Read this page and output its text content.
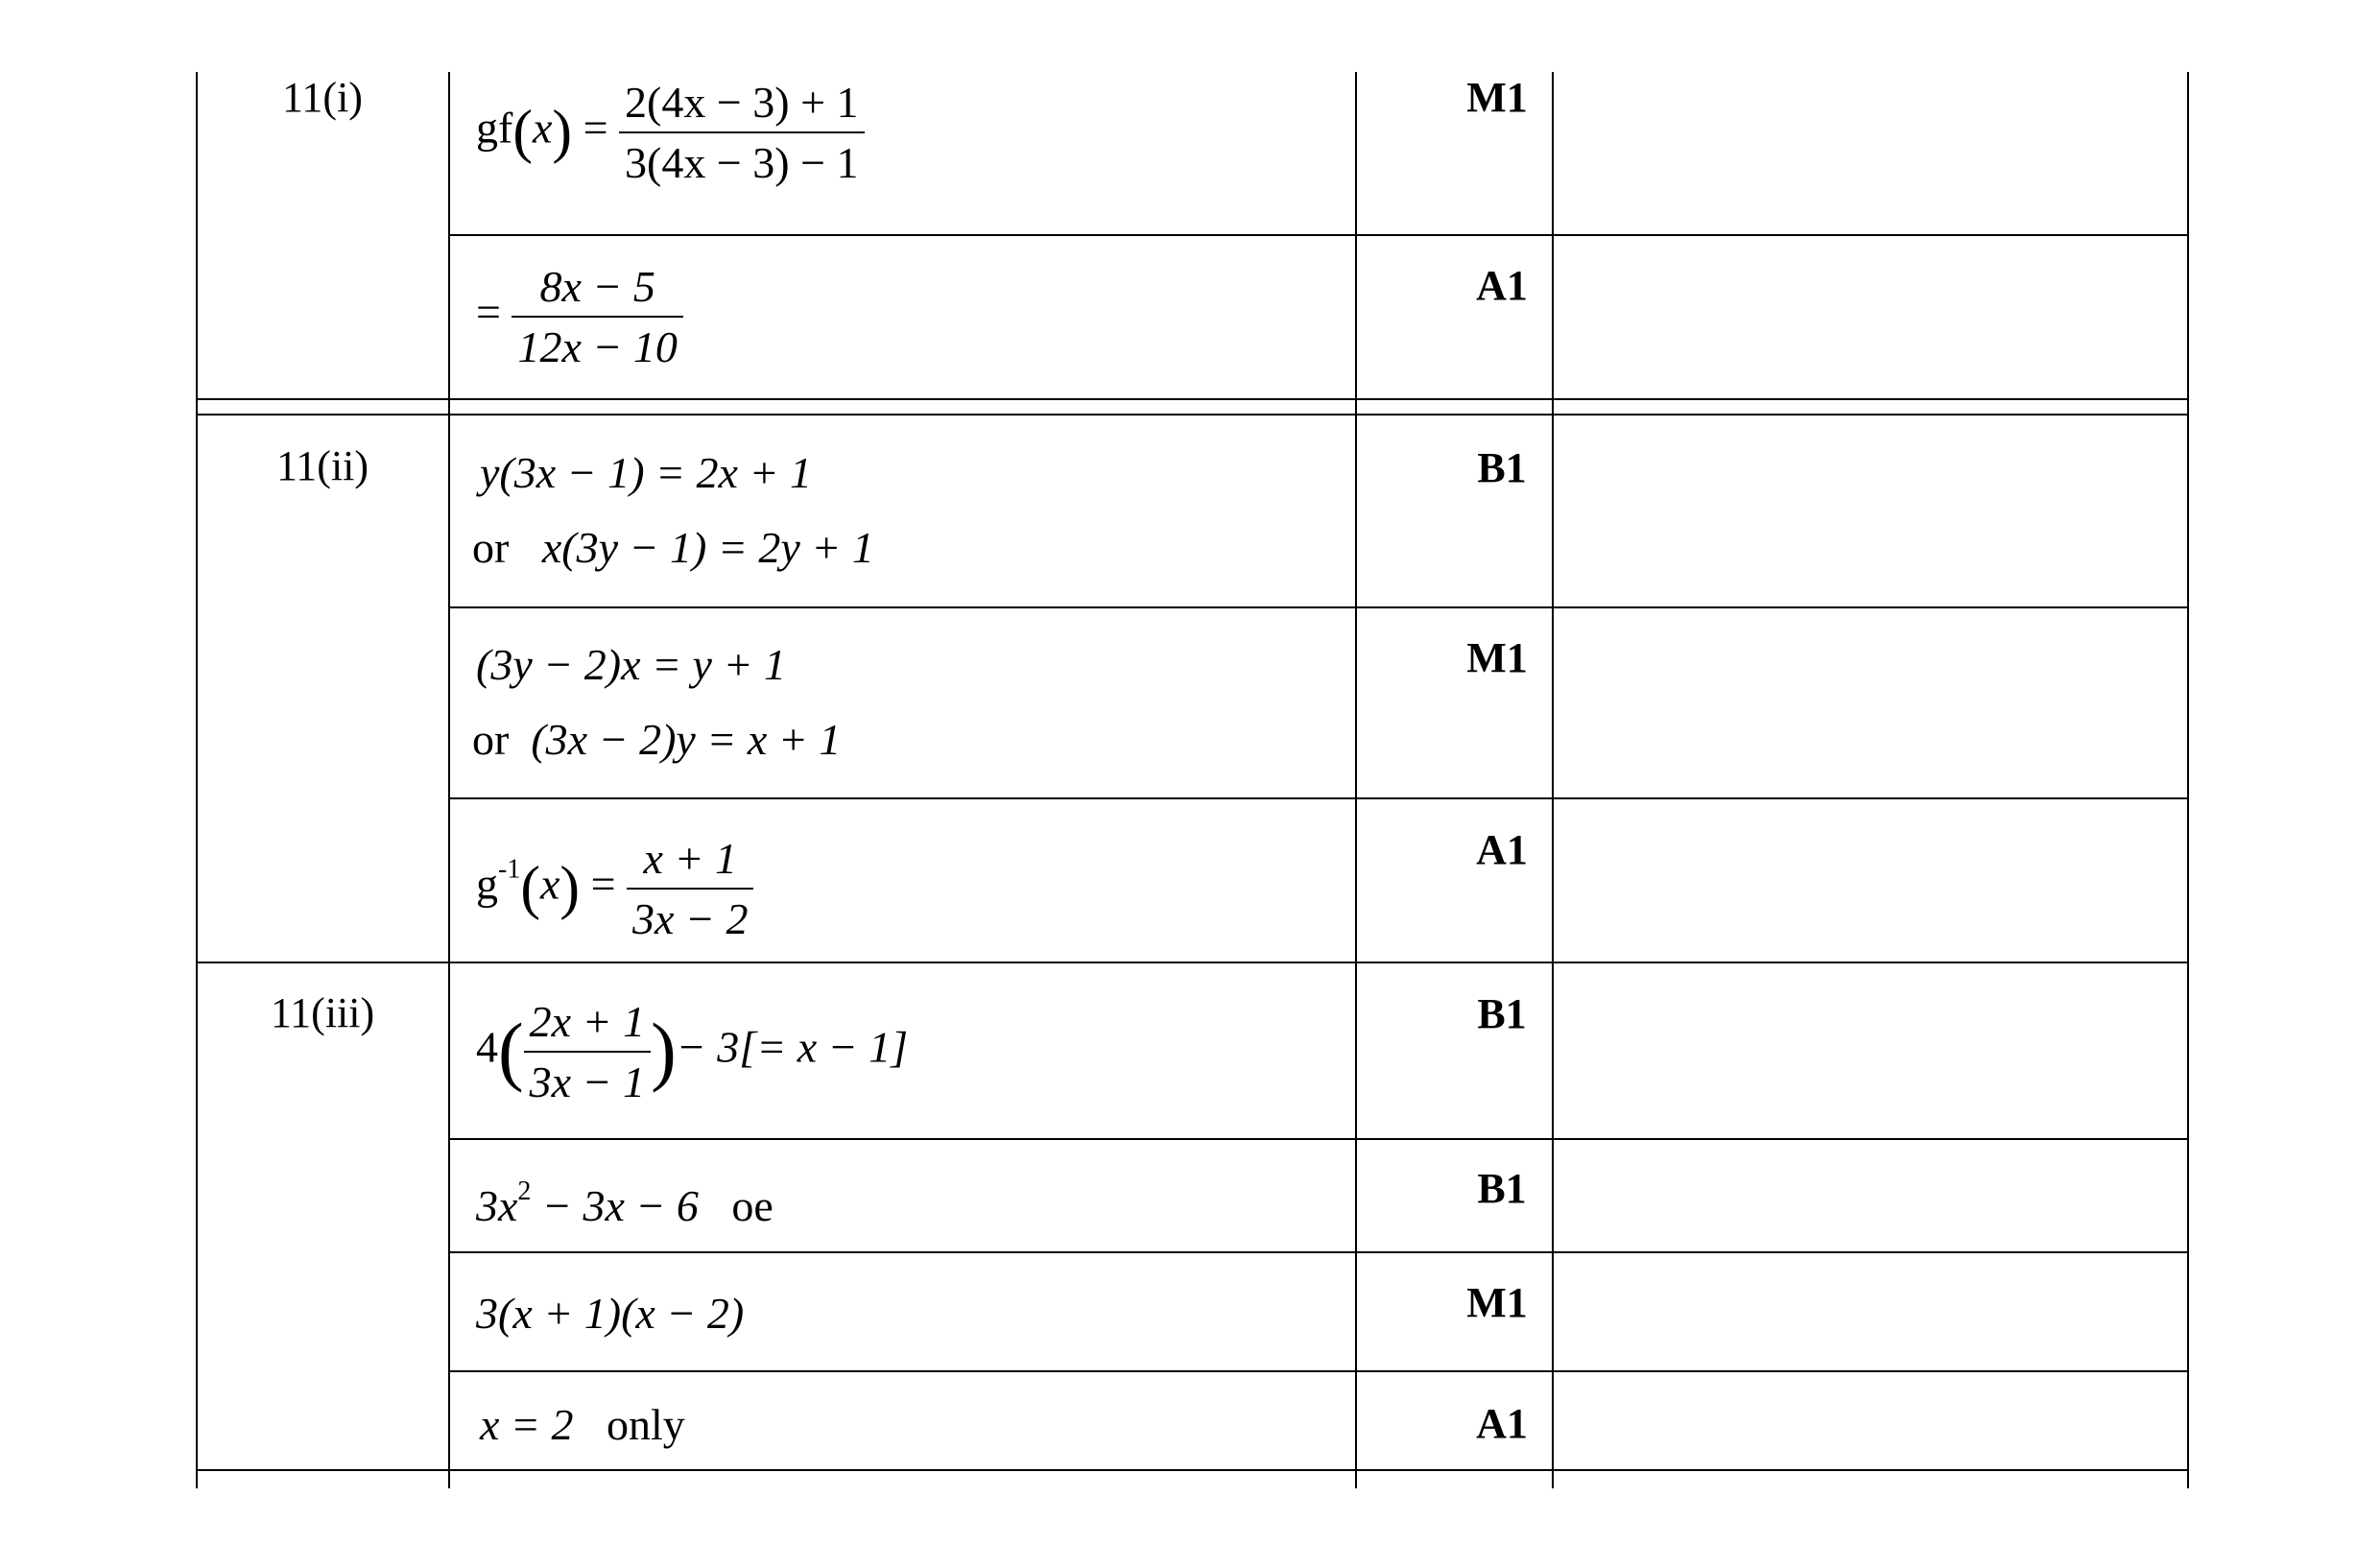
11(i)
11(ii)
11(iii)
M1
A1
B1
M1
A1
B1
B1
M1
A1
$gf(x) = \frac{2(4x - 3) + 1}{3(4x - 3) - 1}$
= $\frac{8x - 5}{12x - 10}$
y(3x − 1) = 2x + 1
or x(3y − 1) = 2y + 1
(3y − 2)x = y + 1
or (3x − 2)y = x + 1
$g^{-1}(x) = \frac{x + 1}{3x - 2}$
$4( \frac{2x + 1}{3x - 1}$ )− 3[= x − 1]
$3x^2 - 3x - 6$ oe
3(x + 1)(x − 2)
x = 2 only
